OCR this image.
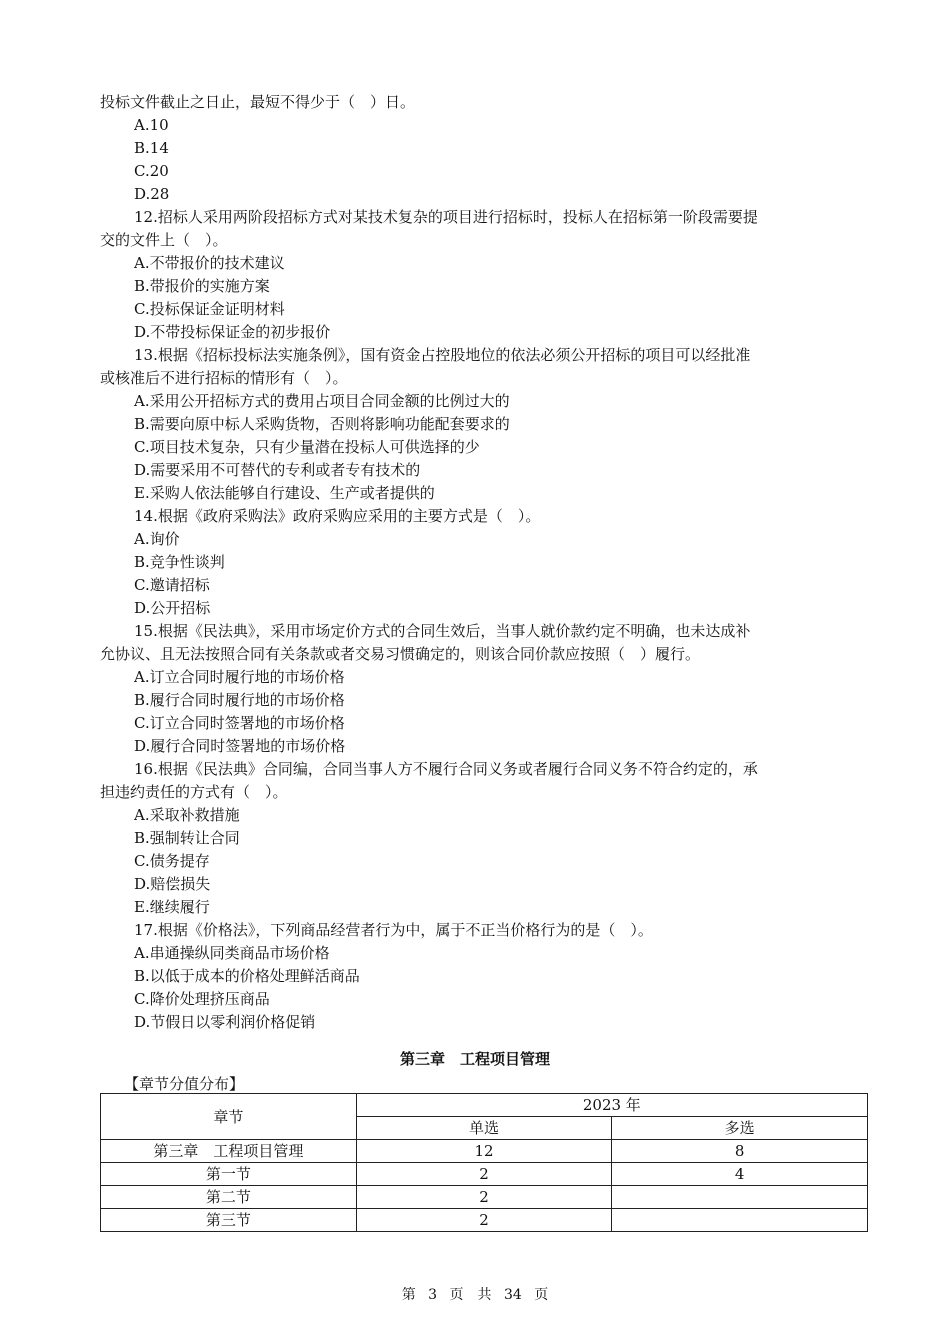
投标文件截止之日止，最短不得少于（　）日。
A.10
B.14
C.20
D.28
12.招标人采用两阶段招标方式对某技术复杂的项目进行招标时，投标人在招标第一阶段需要提
交的文件上（　）。
A.不带报价的技术建议
B.带报价的实施方案
C.投标保证金证明材料
D.不带投标保证金的初步报价
13.根据《招标投标法实施条例》，国有资金占控股地位的依法必须公开招标的项目可以经批准
或核准后不进行招标的情形有（　）。
A.采用公开招标方式的费用占项目合同金额的比例过大的
B.需要向原中标人采购货物，否则将影响功能配套要求的
C.项目技术复杂，只有少量潜在投标人可供选择的少
D.需要采用不可替代的专利或者专有技术的
E.采购人依法能够自行建设、生产或者提供的
14.根据《政府采购法》政府采购应采用的主要方式是（　）。
A.询价
B.竞争性谈判
C.邀请招标
D.公开招标
15.根据《民法典》，采用市场定价方式的合同生效后，当事人就价款约定不明确，也未达成补
允协议、且无法按照合同有关条款或者交易习惯确定的，则该合同价款应按照（　）履行。
A.订立合同时履行地的市场价格
B.履行合同时履行地的市场价格
C.订立合同时签署地的市场价格
D.履行合同时签署地的市场价格
16.根据《民法典》合同编，合同当事人方不履行合同义务或者履行合同义务不符合约定的，承
担违约责任的方式有（　）。
A.采取补救措施
B.强制转让合同
C.债务提存
D.赔偿损失
E.继续履行
17.根据《价格法》，下列商品经营者行为中，属于不正当价格行为的是（　）。
A.串通操纵同类商品市场价格
B.以低于成本的价格处理鲜活商品
C.降价处理挤压商品
D.节假日以零利润价格促销
第三章　工程项目管理
【章节分值分布】
章节	2023 年	
	单选	多选
第三章　工程项目管理	12	8
第一节	2	4
第二节	2	
第三节	2	
第 3 页　共 34 页
